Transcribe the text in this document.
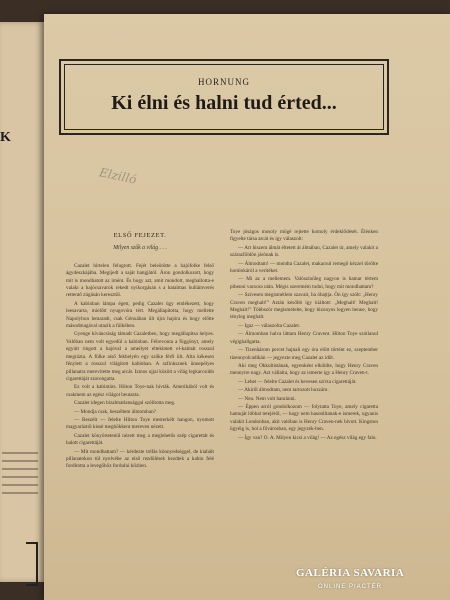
K
HORNUNG
Ki élni és halni tud érted...
Elzilló
ELSŐ FEJEZET.
Milyen szűk a világ . . .

Cazalet hirtelen felugrott. Fejét beleütötte a hajófolke felső ágydeszkájába. Megijedt a saját hangjától. Áron gondolkozott, hogy mit is mondhatott az imént. És hogy azt, amit mondott, meghallotta-e valaki a hajócsavarok rekedt nyikorgásán s a hatalmas hullámverés rettentő zúgásán keresztül.

A kabinban lámpa égett, pedig Cazalet úgy emlékezett, hogy leesavarta, mielőtt nyugovóra tért. Megállapította, hogy mellette Napolybon lemaradt, csak Génuában ült újra hajóra és hogy előtte másodmagával utazik a fülkében.

Gyenge kíváncsiság támadt Cazaletben, hogy megállapítsa helyes. Valóban nem volt egyedül a kabinban. Félrevonta a függönyt, amely egyútt ringott a hajóval a ameilyet eltekintett el-kalmát rosszul megrázta. A fülke aíső fekhelyén egy szőke férfi ült. Alta kékesen fénylett a rosszul világított kabinban. A szfinksznek ünnepélyes pillanatra merevítette meg arcát. Izmos ujjai között a világ legkarcsúbb cigarettáját szorongatta.

Ez volt a kabintárs. Hilton Toye-nak hívták. Amerikából volt és csakmem az egész világot beutazta.

Cazalet idegen bizalmatlansággal szólította meg.

— Mondja csak, beszéltem álmomban?

— Beszélt — felelte Hilton Toye mesterkélt hangon, nyomott magyaráztól kissé meghökkent mereven nézett.

Cazalet könyörtetenül nézett meg a meglehetős szép cigarettát és halott cigarettáját.

— Mit mondhattam? — kérdezte tréfás könnyedséggel, de kiabált pillanatokon túl nyelvébe az első rezdülések kezdtek a kabin felé fordította a levegőhöz fordulni közben.

Toye jóságos mosoly mögé rejtette komoly érdeklődését. Élénken figyelte társa arcát és így válaszolt:

— Art hiszem álmát éltetett át álmában, Cazalet úr, amely valakit a szárazföldön járónak is.

— Álmodtam! — mondta Cazalet, makacsul remegő kézzel törölte homlokáról a verítéket.

— Mi az a mellemem. Valószínűleg nagyon is hamar tértem pihenni vacsora után. Mégis szeretném tudni, hogy mit mondhattam?

— Szívesen megismétlem szavait, ha óhajtja. Ön így szólt: „Henry Craven meghalt!” Aztán később ígу kiáltott: „Meghalt! Meghalt! Meghalt!” Többször megismételte, hogy bizonyos legyen benne, hogy tényleg meghalt.

— Igaz — válaszolta Cazalet.

— Álmomban halva láttam Henry Cravent. Hilton Toye szótlanul végighallgatta.

— Tizenhárom percet hajnali egy óra előtt történt ez, szeptember tizennyolcadikán — jegyezte meg Cazalet az időt.

Aki meg Okkultistának, egyenként elküldte, hogy Henry Craven mennyire nagy. Azt vállalta, hogy az ismerte így a Henry Craven-t.

— Lehet — felelte Cazalet és hevesen szívta cigarettáját.

— Akiről álmodtam, nem tartozott hozzám.

— Neu. Nem volt hanránni.

— Éppen arról gondolkozom — folytatta Toye, amely cigaretta hamuját lóbbal tetejéről, — hogy nem hasonlítanak-e ismerek, ugyanis valakit Londonban, akit valóban is Henry Craven-nek hívott. Kingston ügyéig is, hol a fővárosban, egy jegyzék-ben.

— Így van? O. A. Milyen kicsi a világ! — Az egész világ egy falu.

GALÉRIA SAVARIA
ONLINE PIACTÉR
